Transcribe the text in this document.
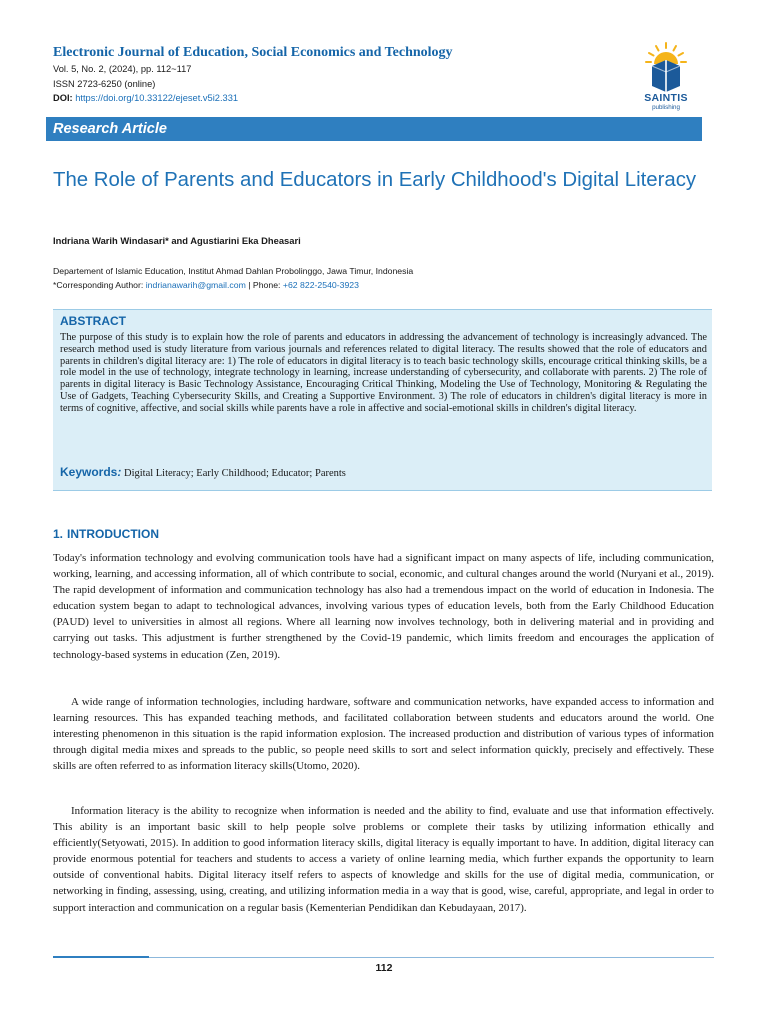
Electronic Journal of Education, Social Economics and Technology
Vol. 5, No. 2, (2024), pp. 112~117
ISSN 2723-6250 (online)
DOI: https://doi.org/10.33122/ejeset.v5i2.331	SAINTIS
publishing
Research Article
The Role of Parents and Educators in Early Childhood's Digital Literacy
Indriana Warih Windasari* and Agustiarini Eka Dheasari
Departement of Islamic Education, Institut Ahmad Dahlan Probolinggo, Jawa Timur, Indonesia
*Corresponding Author: indrianawarih@gmail.com | Phone: +62 822-2540-3923
ABSTRACT
The purpose of this study is to explain how the role of parents and educators in addressing the advancement of technology is increasingly advanced. The research method used is study literature from various journals and references related to digital literacy. The results showed that the role of educators and parents in children's digital literacy are: 1) The role of educators in digital literacy is to teach basic technology skills, encourage critical thinking skills, be a role model in the use of technology, integrate technology in learning, increase understanding of cybersecurity, and collaborate with parents. 2) The role of parents in digital literacy is Basic Technology Assistance, Encouraging Critical Thinking, Modeling the Use of Technology, Monitoring & Regulating the Use of Gadgets, Teaching Cybersecurity Skills, and Creating a Supportive Environment. 3) The role of educators in children's digital literacy is more in terms of cognitive, affective, and social skills while parents have a role in affective and social-emotional skills in children's digital literacy.
Keywords: Digital Literacy; Early Childhood; Educator; Parents
1. INTRODUCTION

Today's information technology and evolving communication tools have had a significant impact on many aspects of life, including communication, working, learning, and accessing information, all of which contribute to social, economic, and cultural changes around the world (Nuryani et al., 2019). The rapid development of information and communication technology has also had a tremendous impact on the world of education in Indonesia. The education system began to adapt to technological advances, involving various types of education levels, both from the Early Childhood Education (PAUD) level to universities in almost all regions. Where all learning now involves technology, both in delivering material and in providing and carrying out tasks. This adjustment is further strengthened by the Covid-19 pandemic, which limits freedom and encourages the application of technology-based systems in education (Zen, 2019).

A wide range of information technologies, including hardware, software and communication networks, have expanded access to information and learning resources. This has expanded teaching methods, and facilitated collaboration between students and educators around the world. One interesting phenomenon in this situation is the rapid information explosion. The increased production and distribution of various types of information through digital media mixes and spreads to the public, so people need skills to sort and select information quickly, precisely and effectively. These skills are often referred to as information literacy skills(Utomo, 2020).

Information literacy is the ability to recognize when information is needed and the ability to find, evaluate and use that information effectively. This ability is an important basic skill to help people solve problems or complete their tasks by utilizing information ethically and efficiently(Setyowati, 2015). In addition to good information literacy skills, digital literacy is equally important to have. In addition, digital literacy can provide enormous potential for teachers and students to access a variety of online learning media, which further expands the opportunity to learn outside of conventional habits. Digital literacy itself refers to aspects of knowledge and skills for the use of digital media, communication, or networking in finding, assessing, using, creating, and utilizing information media in a way that is good, wise, careful, appropriate, and legal in order to support interaction and communication on a regular basis (Kementerian Pendidikan dan Kebudayaan, 2017).

112
